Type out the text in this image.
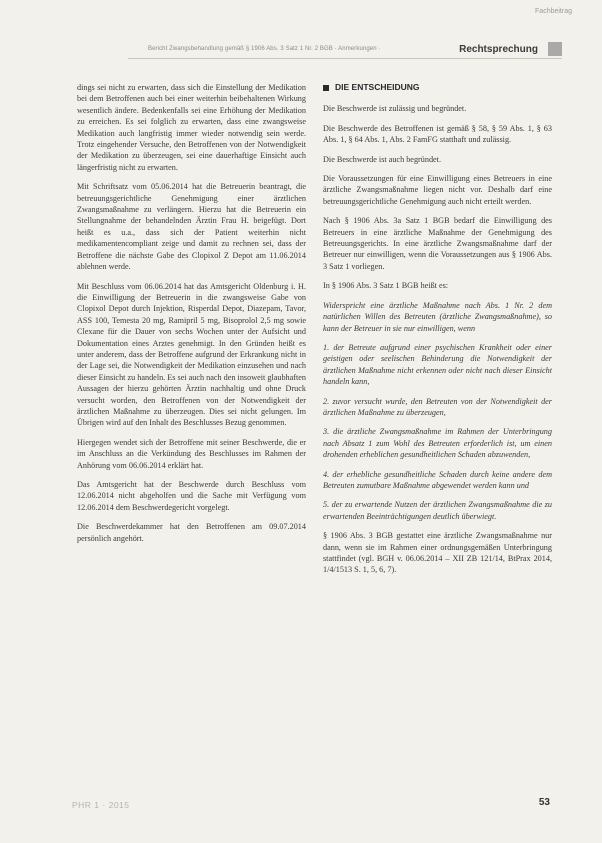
Fachbeitrag
Bericht Zwangsbehandlung gemäß § 1906 Abs. 3 Satz 1 Nr. 2 BGB · Anmerkungen ·	Rechtsprechung

dings sei nicht zu erwarten, dass sich die Einstellung der Medikation bei dem Betroffenen auch bei einer weiterhin beibehaltenen Wirkung wesentlich ändere. Bedenkenfalls sei eine Erhöhung der Medikation zu erreichen. Es sei folglich zu erwarten, dass eine zwangsweise Medikation auch langfristig immer wieder notwendig sein werde. Trotz eingehender Versuche, den Betroffenen von der Notwendigkeit der Medikation zu überzeugen, sei eine dauerhaftige Einsicht auch längerfristig nicht zu erwarten.

Mit Schriftsatz vom 05.06.2014 hat die Betreuerin beantragt, die betreuungsgerichtliche Genehmigung einer ärztlichen Zwangsmaßnahme zu verlängern. Hierzu hat die Betreuerin ein Stellungnahme der behandelnden Ärztin Frau H. beigefügt. Dort heißt es u.a., dass sich der Patient weiterhin nicht medikamentencompliant zeige und damit zu rechnen sei, dass der Betroffene die nächste Gabe des Clopixol Z Depot am 11.06.2014 ablehnen werde.

Mit Beschluss vom 06.06.2014 hat das Amtsgericht Oldenburg i. H. die Einwilligung der Betreuerin in die zwangsweise Gabe von Clopixol Depot durch Injektion, Risperdal Depot, Diazepam, Tavor, ASS 100, Temesta 20 mg, Ramipril 5 mg, Bisoprolol 2,5 mg sowie Clexane für die Dauer von sechs Wochen unter der Aufsicht und Dokumentation eines Arztes genehmigt. In den Gründen heißt es unter anderem, dass der Betroffene aufgrund der Erkrankung nicht in der Lage sei, die Notwendigkeit der Medikation einzusehen und nach dieser Einsicht zu handeln. Es sei auch nach den insoweit glaubhaften Aussagen der hierzu gehörten Ärztin nachhaltig und ohne Druck versucht worden, den Betroffenen von der Notwendigkeit der ärztlichen Maßnahme zu überzeugen. Dies sei nicht gelungen. Im Übrigen wird auf den Inhalt des Beschlusses Bezug genommen.

Hiergegen wendet sich der Betroffene mit seiner Beschwerde, die er im Anschluss an die Verkündung des Beschlusses im Rahmen der Anhörung vom 06.06.2014 erklärt hat.

Das Amtsgericht hat der Beschwerde durch Beschluss vom 12.06.2014 nicht abgeholfen und die Sache mit Verfügung vom 12.06.2014 dem Beschwerdegericht vorgelegt.

Die Beschwerdekammer hat den Betroffenen am 09.07.2014 persönlich angehört.

DIE ENTSCHEIDUNG

Die Beschwerde ist zulässig und begründet.

Die Beschwerde des Betroffenen ist gemäß § 58, § 59 Abs. 1, § 63 Abs. 1, § 64 Abs. 1, Abs. 2 FamFG statthaft und zulässig.

Die Beschwerde ist auch begründet.

Die Voraussetzungen für eine Einwilligung eines Betreuers in eine ärztliche Zwangsmaßnahme liegen nicht vor. Deshalb darf eine betreuungsgerichtliche Genehmigung auch nicht erteilt werden.

Nach § 1906 Abs. 3a Satz 1 BGB bedarf die Einwilligung des Betreuers in eine ärztliche Maßnahme der Genehmigung des Betreuungsgerichts. In eine ärztliche Zwangsmaßnahme darf der Betreuer nur einwilligen, wenn die Voraussetzungen aus § 1906 Abs. 3 Satz 1 vorliegen.

In § 1906 Abs. 3 Satz 1 BGB heißt es:

Widerspricht eine ärztliche Maßnahme nach Abs. 1 Nr. 2 dem natürlichen Willen des Betreuten (ärztliche Zwangsmaßnahme), so kann der Betreuer in sie nur einwilligen, wenn

1. der Betreute aufgrund einer psychischen Krankheit oder einer geistigen oder seelischen Behinderung die Notwendigkeit der ärztlichen Maßnahme nicht erkennen oder nicht nach dieser Einsicht handeln kann,

2. zuvor versucht wurde, den Betreuten von der Notwendigkeit der ärztlichen Maßnahme zu überzeugen,

3. die ärztliche Zwangsmaßnahme im Rahmen der Unterbringung nach Absatz 1 zum Wohl des Betreuten erforderlich ist, um einen drohenden erheblichen gesundheitlichen Schaden abzuwenden,

4. der erhebliche gesundheitliche Schaden durch keine andere dem Betreuten zumutbare Maßnahme abgewendet werden kann und

5. der zu erwartende Nutzen der ärztlichen Zwangsmaßnahme die zu erwartenden Beeinträchtigungen deutlich überwiegt.

§ 1906 Abs. 3 BGB gestattet eine ärztliche Zwangsmaßnahme nur dann, wenn sie im Rahmen einer ordnungsgemäßen Unterbringung stattfindet (vgl. BGH v. 06.06.2014 – XII ZB 121/14, BtPrax 2014, 1/4/1513 S. 1, 5, 6, 7).

PHR 1 · 2015	53
